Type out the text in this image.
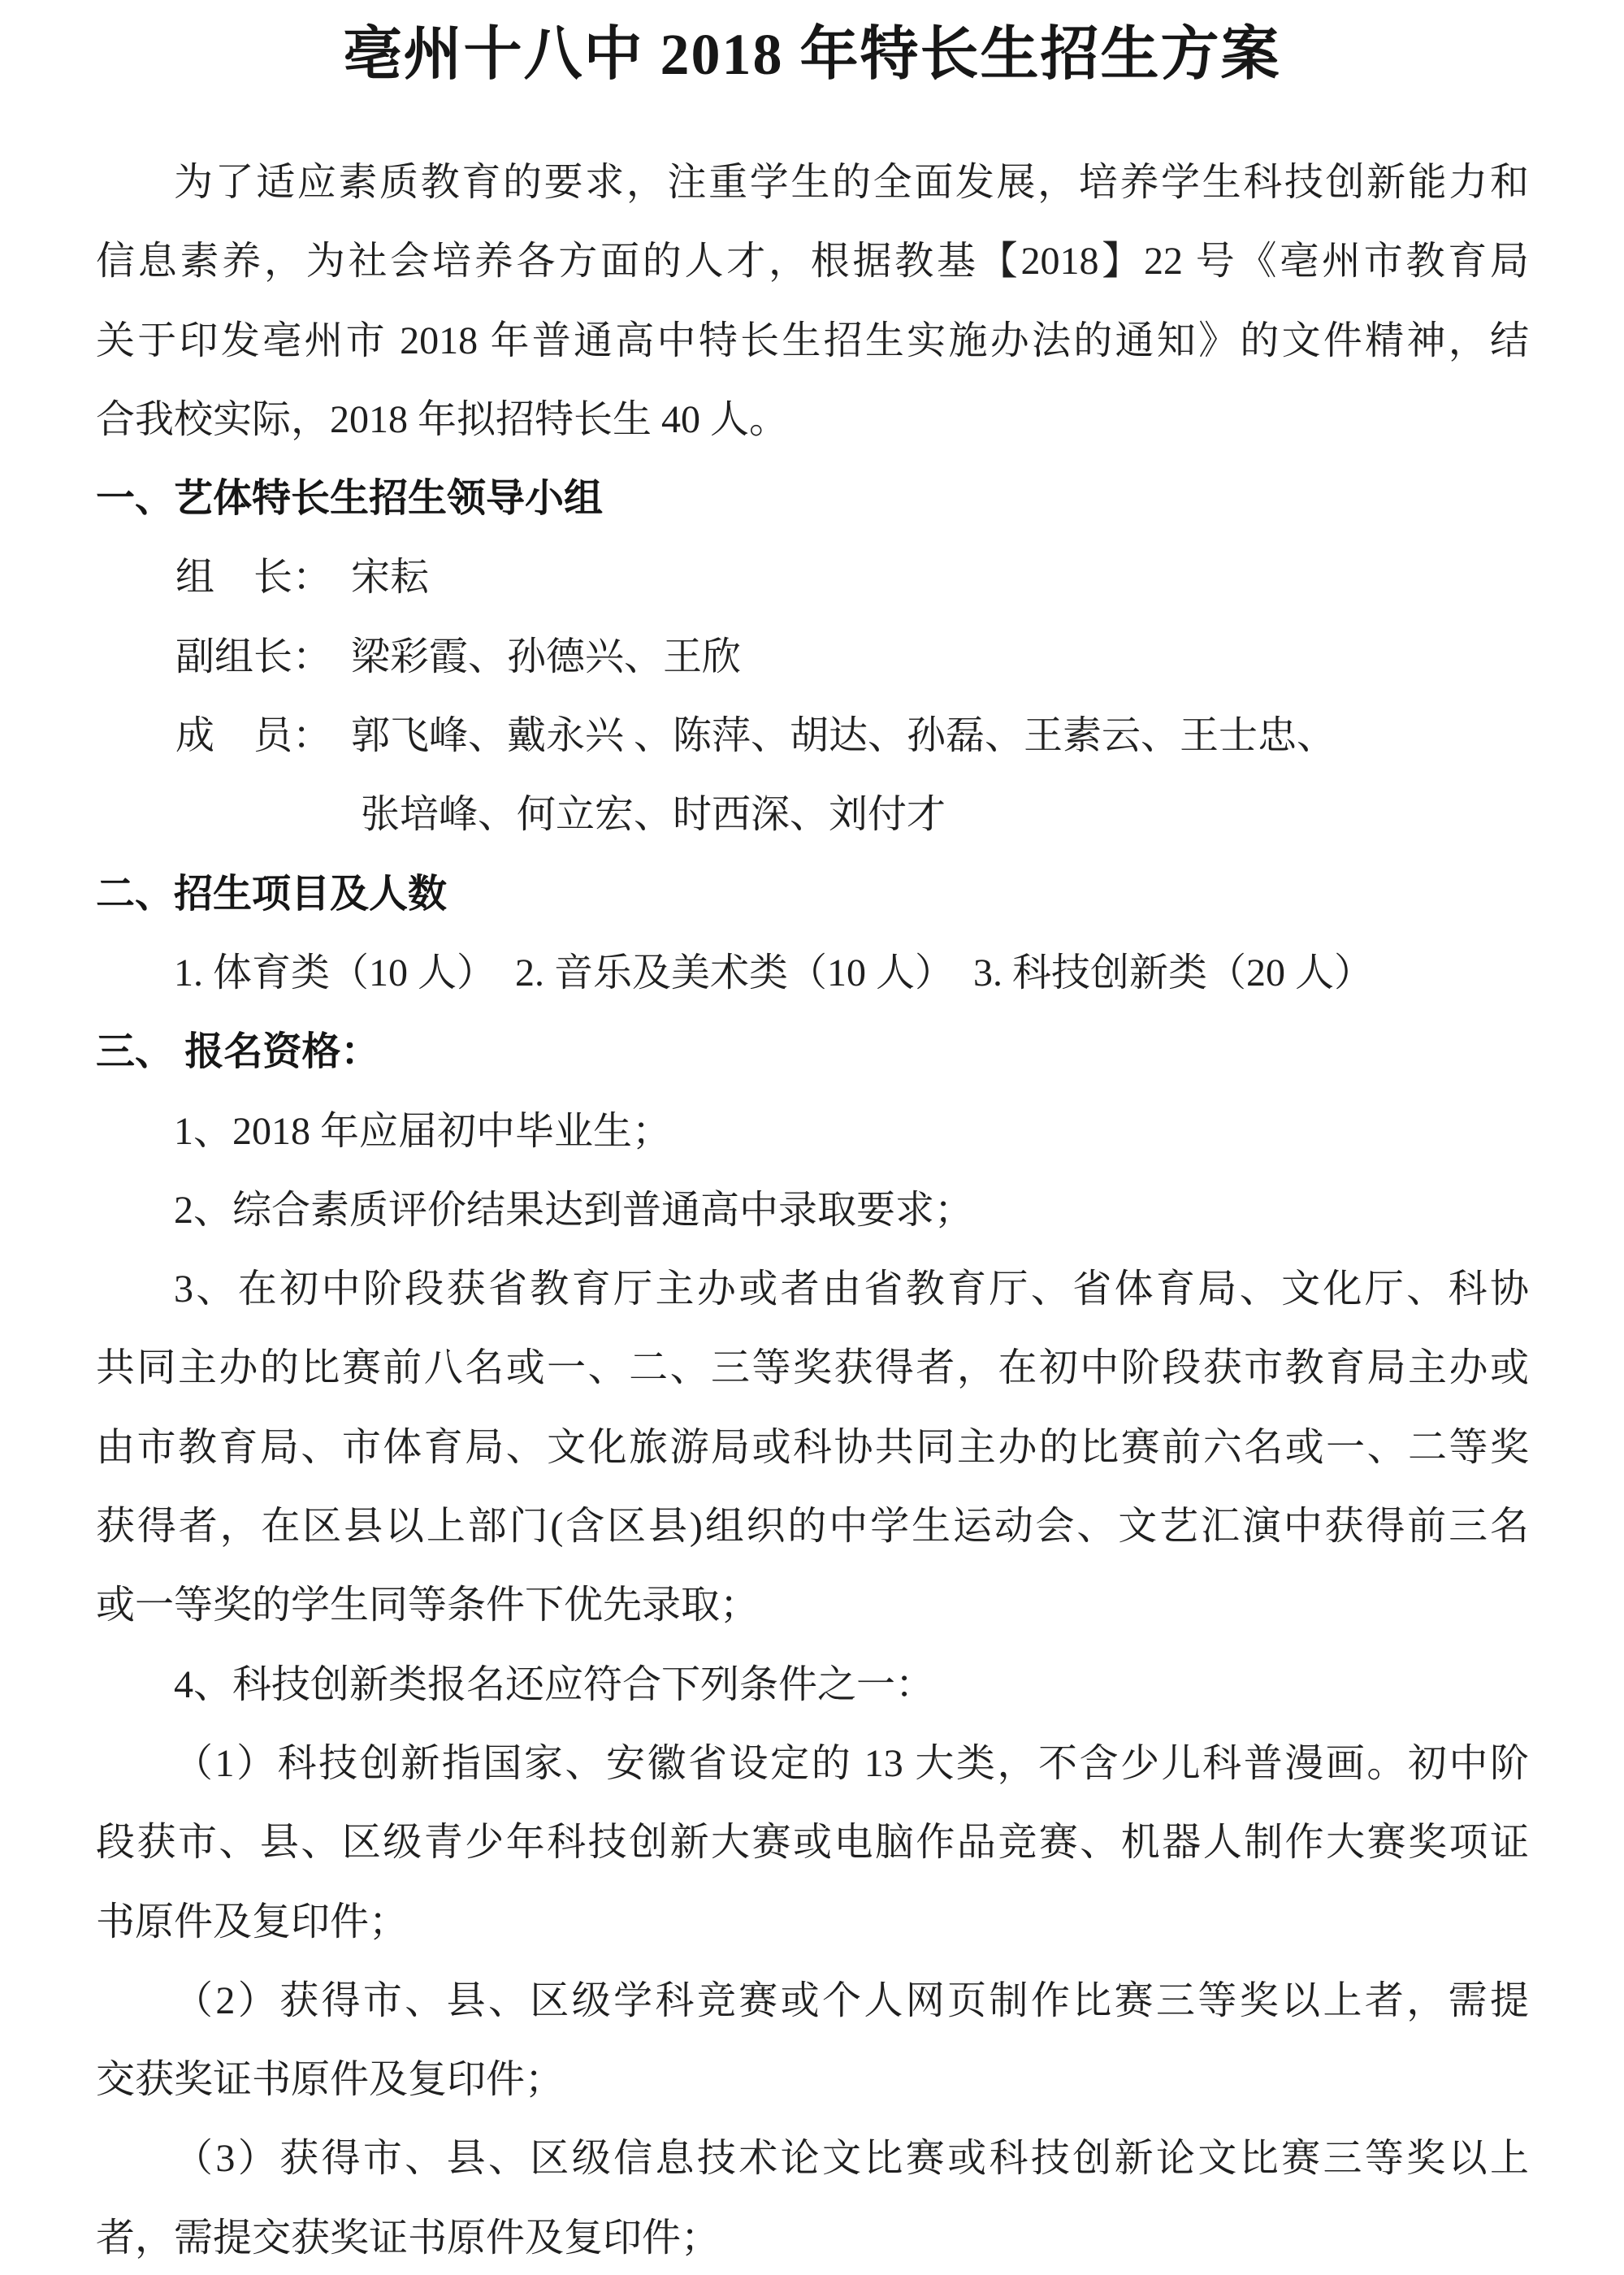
亳州十八中 2018 年特长生招生方案
为了适应素质教育的要求，注重学生的全面发展，培养学生科技创新能力和
信息素养，为社会培养各方面的人才，根据教基【2018】22 号《亳州市教育局
关于印发亳州市 2018 年普通高中特长生招生实施办法的通知》的文件精神，结
合我校实际，2018 年拟招特长生 40 人。
一、艺体特长生招生领导小组
组　长：　宋耘
副组长：　梁彩霞、孙德兴、王欣
成　员：　郭飞峰、戴永兴 、陈萍、胡达、孙磊、王素云、王士忠、
张培峰、何立宏、时西深、刘付才
二、招生项目及人数
1. 体育类（10 人）　2. 音乐及美术类（10 人）　3. 科技创新类（20 人）
三、 报名资格：
1、2018 年应届初中毕业生；
2、综合素质评价结果达到普通高中录取要求；
3、在初中阶段获省教育厅主办或者由省教育厅、省体育局、文化厅、科协
共同主办的比赛前八名或一、二、三等奖获得者，在初中阶段获市教育局主办或
由市教育局、市体育局、文化旅游局或科协共同主办的比赛前六名或一、二等奖
获得者，在区县以上部门(含区县)组织的中学生运动会、文艺汇演中获得前三名
或一等奖的学生同等条件下优先录取；
4、科技创新类报名还应符合下列条件之一：
（1）科技创新指国家、安徽省设定的 13 大类，不含少儿科普漫画。初中阶
段获市、县、区级青少年科技创新大赛或电脑作品竞赛、机器人制作大赛奖项证
书原件及复印件；
（2）获得市、县、区级学科竞赛或个人网页制作比赛三等奖以上者，需提
交获奖证书原件及复印件；
（3）获得市、县、区级信息技术论文比赛或科技创新论文比赛三等奖以上
者，需提交获奖证书原件及复印件；
